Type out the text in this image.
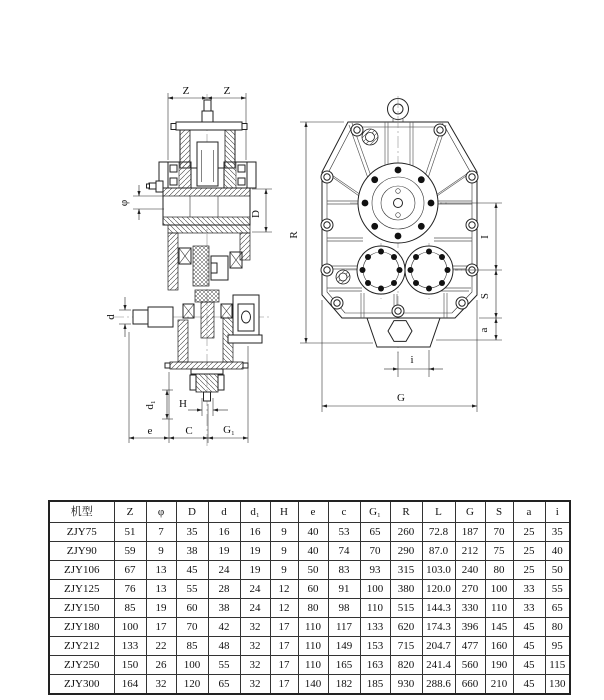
Z	Z
φ
D
d
H
d₁
e	C	G₁
R	I
S
a
i
G
机型	Z	φ	D	d	d₁	H	e	c	G₁	R	L	G	S	a	i
ZJY75	51	7	35	16	16	9	40	53	65	260	72.8	187	70	25	35
ZJY90	59	9	38	19	19	9	40	74	70	290	87.0	212	75	25	40
ZJY106	67	13	45	24	19	9	50	83	93	315	103.0	240	80	25	50
ZJY125	76	13	55	28	24	12	60	91	100	380	120.0	270	100	33	55
ZJY150	85	19	60	38	24	12	80	98	110	515	144.3	330	110	33	65
ZJY180	100	17	70	42	32	17	110	117	133	620	174.3	396	145	45	80
ZJY212	133	22	85	48	32	17	110	149	153	715	204.7	477	160	45	95
ZJY250	150	26	100	55	32	17	110	165	163	820	241.4	560	190	45	115
ZJY300	164	32	120	65	32	17	140	182	185	930	288.6	660	210	45	130
